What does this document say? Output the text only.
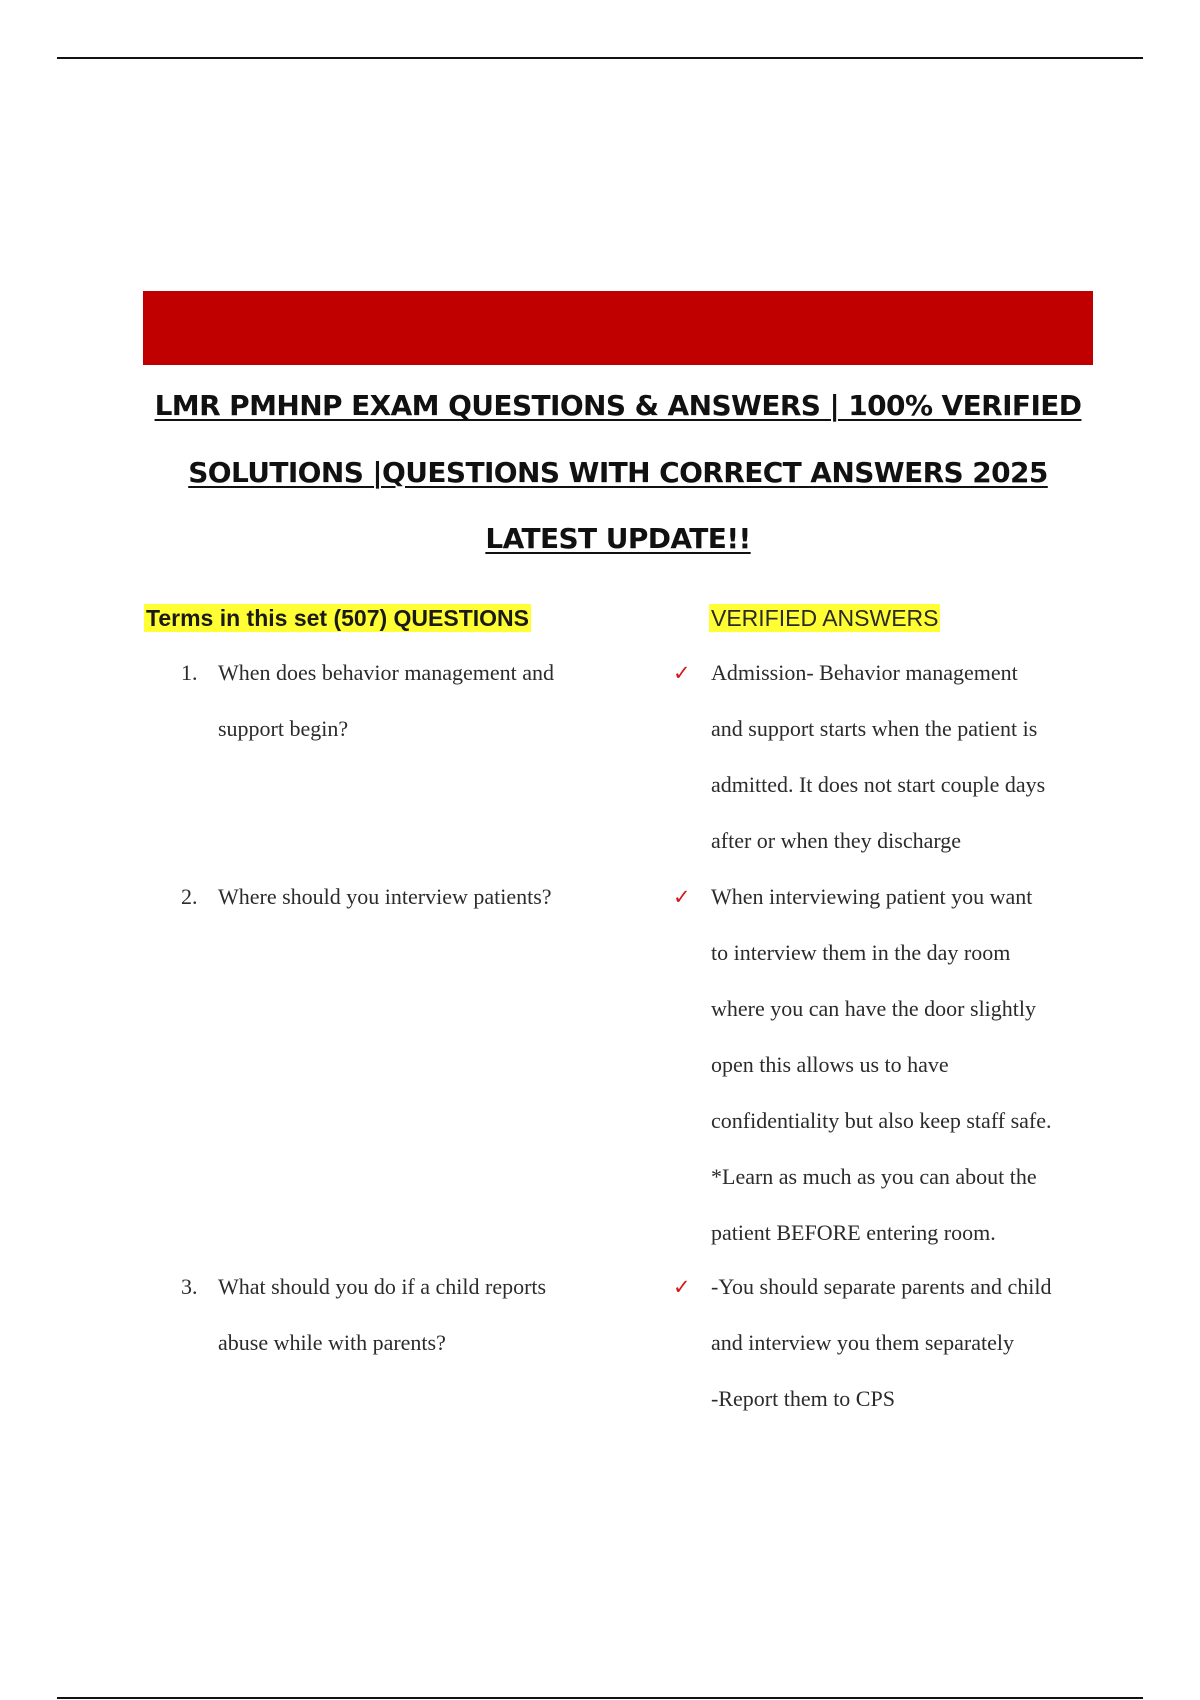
LMR PMHNP EXAM QUESTIONS & ANSWERS | 100% VERIFIED
SOLUTIONS |QUESTIONS WITH CORRECT ANSWERS 2025
LATEST UPDATE!!
Terms in this set (507) QUESTIONS	VERIFIED ANSWERS
1. When does behavior management and
support begin?
✓ Admission- Behavior management
and support starts when the patient is
admitted. It does not start couple days
after or when they discharge
2. Where should you interview patients?	✓ When interviewing patient you want
to interview them in the day room
where you can have the door slightly
open this allows us to have
confidentiality but also keep staff safe.
*Learn as much as you can about the
patient BEFORE entering room.
3. What should you do if a child reports
abuse while with parents?
✓ -You should separate parents and child
and interview you them separately
-Report them to CPS
